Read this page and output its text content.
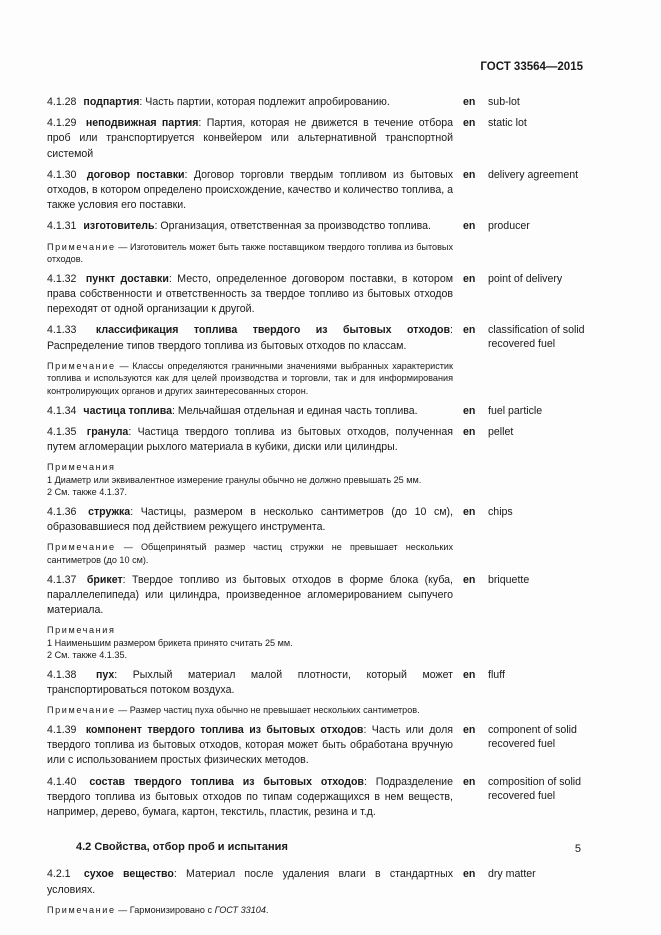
ГОСТ 33564—2015
4.1.28 подпартия: Часть партии, которая подлежит апробированию.	en sub-lot
4.1.29 неподвижная партия: Партия, которая не движется в течение отбора проб или транспортируется конвейером или альтернативной транспортной системой
en static lot
4.1.30 договор поставки: Договор торговли твердым топливом из бытовых отходов, в котором определено происхождение, качество и количество топлива, а также условия его поставки.
en delivery agreement
4.1.31 изготовитель: Организация, ответственная за производство топлива.	en producer
Примечание — Изготовитель может быть также поставщиком твердого топлива из бытовых отходов.
4.1.32 пункт доставки: Место, определенное договором поставки, в котором права собственности и ответственность за твердое топливо из бытовых отходов переходят от одной организации к другой.
en point of delivery
4.1.33 классификация топлива твердого из бытовых отходов: Распределение типов твердого топлива из бытовых отходов по классам.
en classification of solid recovered fuel
Примечание — Классы определяются граничными значениями выбранных характеристик топлива и используются как для целей производства и торговли, так и для информирования контролирующих органов и других заинтересованных сторон.
4.1.34 частица топлива: Мельчайшая отдельная и единая часть топлива.	en fuel particle
4.1.35 гранула: Частица твердого топлива из бытовых отходов, полученная путем агломерации рыхлого материала в кубики, диски или цилиндры.
en pellet
Примечания
1 Диаметр или эквивалентное измерение гранулы обычно не должно превышать 25 мм.
2 См. также 4.1.37.
4.1.36 стружка: Частицы, размером в несколько сантиметров (до 10 см), образовавшиеся под действием режущего инструмента.
en chips
Примечание — Общепринятый размер частиц стружки не превышает нескольких сантиметров (до 10 см).
4.1.37 брикет: Твердое топливо из бытовых отходов в форме блока (куба, параллелепипеда) или цилиндра, произведенное агломерированием сыпучего материала.
en briquette
Примечания
1 Наименьшим размером брикета принято считать 25 мм.
2 См. также 4.1.35.
4.1.38 пух: Рыхлый материал малой плотности, который может транспортироваться потоком воздуха.
en fluff
Примечание — Размер частиц пуха обычно не превышает нескольких сантиметров.
4.1.39 компонент твердого топлива из бытовых отходов: Часть или доля твердого топлива из бытовых отходов, которая может быть обработана вручную или с использованием простых физических методов.
en component of solid recovered fuel
4.1.40 состав твердого топлива из бытовых отходов: Подразделение твердого топлива из бытовых отходов по типам содержащихся в нем веществ, например, дерево, бумага, картон, текстиль, пластик, резина и т.д.
en composition of solid recovered fuel
4.2 Свойства, отбор проб и испытания
4.2.1 сухое вещество: Материал после удаления влаги в стандартных условиях.
en dry matter
Примечание — Гармонизировано с ГОСТ 33104.
5
